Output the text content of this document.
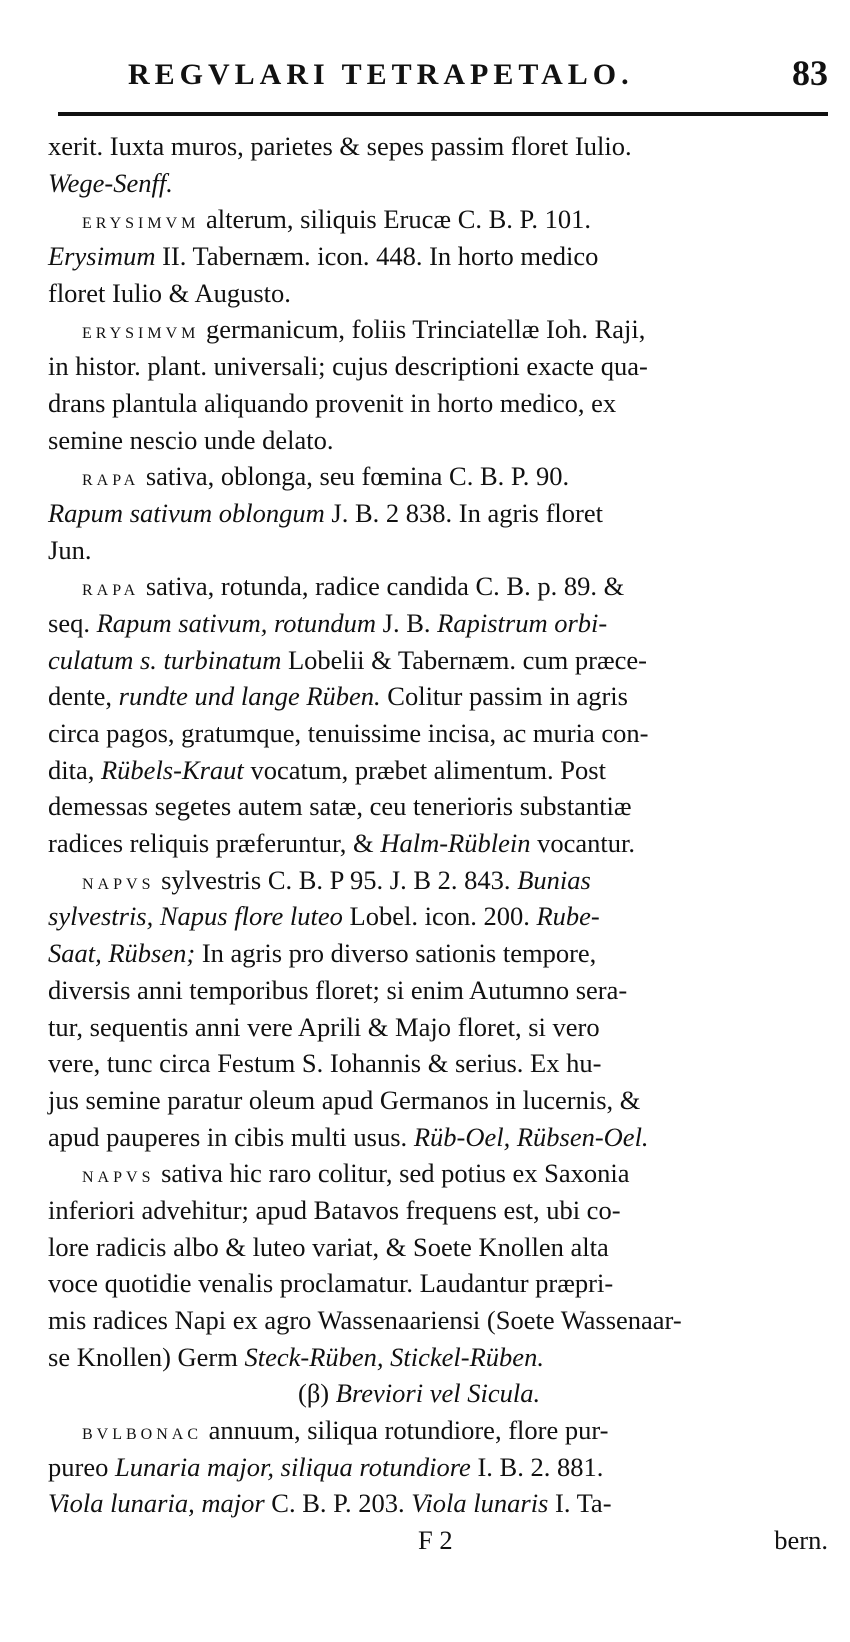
REGVLARI TETRAPETALO.	83
xerit. Iuxta muros, parietes & sepes passim floret Iulio.
Wege-Senff.
ERYSIMVM alterum, siliquis Erucæ C. B. P. 101.
Erysimum II. Tabernæm. icon. 448. In horto medico
floret Iulio & Augusto.
ERYSIMVM germanicum, foliis Trinciatellæ Ioh. Raji,
in histor. plant. universali; cujus descriptioni exacte qua-
drans plantula aliquando provenit in horto medico, ex
semine nescio unde delato.
RAPA sativa, oblonga, seu fœmina C. B. P. 90.
Rapum sativum oblongum J. B. 2 838. In agris floret
Jun.
RAPA sativa, rotunda, radice candida C. B. p. 89. &
seq. Rapum sativum, rotundum J. B. Rapistrum orbi-
culatum s. turbinatum Lobelii & Tabernæm. cum præce-
dente, rundte und lange Rüben. Colitur passim in agris
circa pagos, gratumque, tenuissime incisa, ac muria con-
dita, Rübels-Kraut vocatum, præbet alimentum. Post
demessas segetes autem satæ, ceu tenerioris substantiæ
radices reliquis præferuntur, & Halm-Rüblein vocantur.
NAPVS sylvestris C. B. P 95. J. B 2. 843. Bunias
sylvestris, Napus flore luteo Lobel. icon. 200. Rube-
Saat, Rübsen; In agris pro diverso sationis tempore,
diversis anni temporibus floret; si enim Autumno sera-
tur, sequentis anni vere Aprili & Majo floret, si vero
vere, tunc circa Festum S. Iohannis & serius. Ex hu-
jus semine paratur oleum apud Germanos in lucernis, &
apud pauperes in cibis multi usus. Rüb-Oel, Rübsen-Oel.
NAPVS sativa hic raro colitur, sed potius ex Saxonia
inferiori advehitur; apud Batavos frequens est, ubi co-
lore radicis albo & luteo variat, & Soete Knollen alta
voce quotidie venalis proclamatur. Laudantur præpri-
mis radices Napi ex agro Wassenaariensi (Soete Wassenaar-
se Knollen) Germ Steck-Rüben, Stickel-Rüben.
(β) Breviori vel Sicula.
BVLBONAC annuum, siliqua rotundiore, flore pur-
pureo Lunaria major, siliqua rotundiore I. B. 2. 881.
Viola lunaria, major C. B. P. 203. Viola lunaris I. Ta-
F 2	bern.
